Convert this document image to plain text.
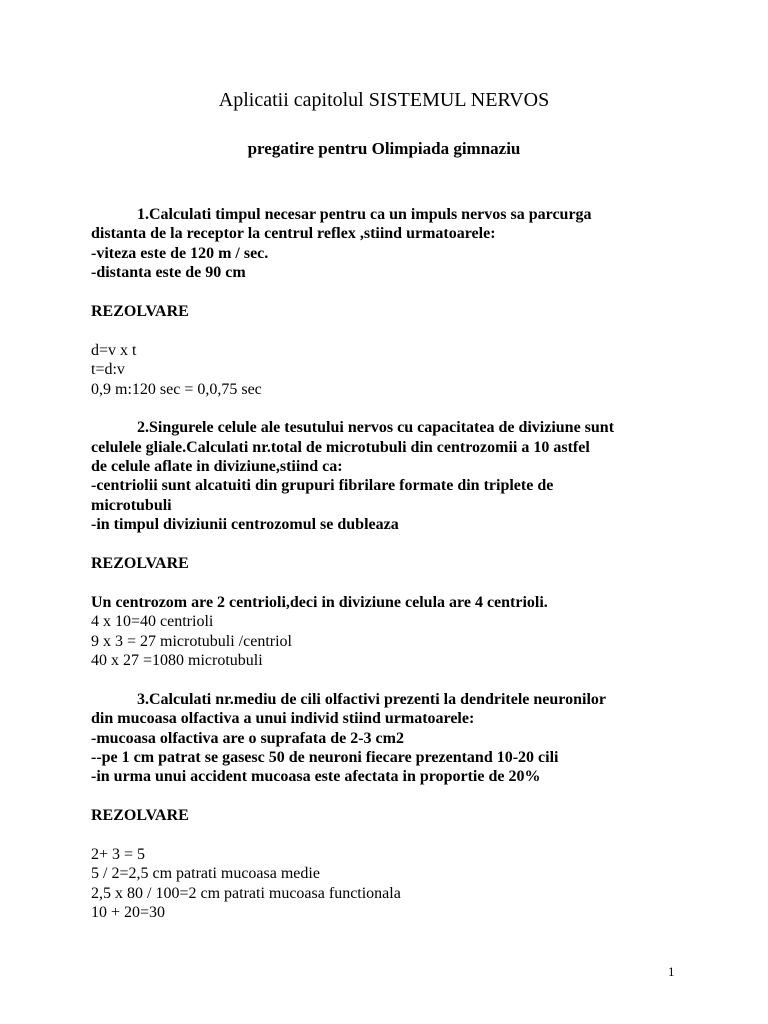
Aplicatii capitolul SISTEMUL NERVOS
pregatire pentru Olimpiada gimnaziu
1.Calculati timpul necesar pentru ca un impuls nervos sa parcurga
distanta de la receptor la centrul reflex ,stiind urmatoarele:
-viteza este de 120 m / sec.
-distanta este de 90 cm
REZOLVARE
d=v x t
t=d:v
0,9 m:120 sec = 0,0,75 sec
2.Singurele celule ale tesutului nervos cu capacitatea de diviziune sunt
celulele gliale.Calculati nr.total de microtubuli din centrozomii a 10 astfel
de celule aflate in diviziune,stiind ca:
-centriolii sunt alcatuiti din grupuri fibrilare formate din triplete de
microtubuli
-in timpul diviziunii centrozomul se dubleaza
REZOLVARE
Un centrozom are 2 centrioli,deci in diviziune celula are 4 centrioli.
4 x 10=40 centrioli
9 x 3 = 27 microtubuli /centriol
40 x 27 =1080 microtubuli
3.Calculati nr.mediu de cili olfactivi prezenti la dendritele neuronilor
din mucoasa olfactiva a unui individ stiind urmatoarele:
-mucoasa olfactiva are o suprafata de 2-3 cm2
--pe 1 cm patrat se gasesc 50 de neuroni fiecare prezentand 10-20 cili
-in urma unui accident mucoasa este afectata in proportie de 20%
REZOLVARE
2+ 3 = 5
5 / 2=2,5 cm patrati mucoasa medie
2,5 x 80 / 100=2 cm patrati mucoasa functionala
10 + 20=30
1
